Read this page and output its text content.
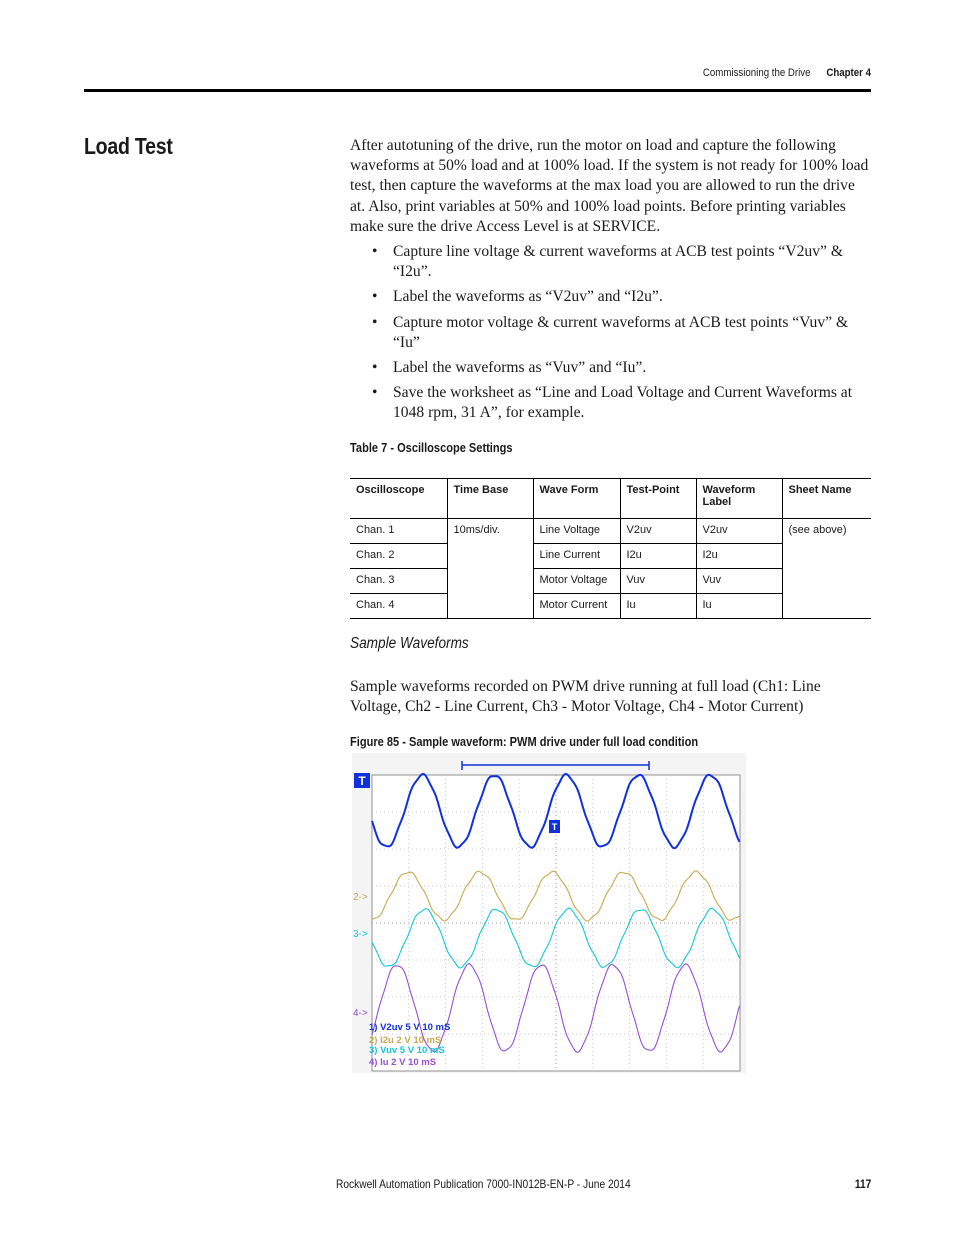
Commissioning the Drive Chapter 4
Load Test	After autotuning of the drive, run the motor on load and capture the following waveforms at 50% load and at 100% load. If the system is not ready for 100% load test, then capture the waveforms at the max load you are allowed to run the drive at. Also, print variables at 50% and 100% load points. Before printing variables make sure the drive Access Level is at SERVICE.
• Capture line voltage & current waveforms at ACB test points “V2uv” & “I2u”.
• Label the waveforms as “V2uv” and “I2u”.
• Capture motor voltage & current waveforms at ACB test points “Vuv” & “Iu”
• Label the waveforms as “Vuv” and “Iu”.
• Save the worksheet as “Line and Load Voltage and Current Waveforms at 1048 rpm, 31 A”, for example.
Table 7 - Oscilloscope Settings
Oscilloscope	Time Base	Wave Form	Test-Point	Waveform Label	Sheet Name
Chan. 1	10ms/div.	Line Voltage	V2uv	V2uv	(see above)
Chan. 2		Line Current	I2u	I2u	
Chan. 3		Motor Voltage	Vuv	Vuv	
Chan. 4		Motor Current	Iu	Iu	
Sample Waveforms
Sample waveforms recorded on PWM drive running at full load (Ch1: Line Voltage, Ch2 - Line Current, Ch3 - Motor Voltage, Ch4 - Motor Current)
Figure 85 - Sample waveform: PWM drive under full load condition
T
T
2->
3->
4->
1) V2uv 5 V 10 mS
2) I2u 2 V 10 mS
3) Vuv 5 V 10 mS
4) Iu 2 V 10 mS
Rockwell Automation Publication 7000-IN012B-EN-P - June 2014	117
